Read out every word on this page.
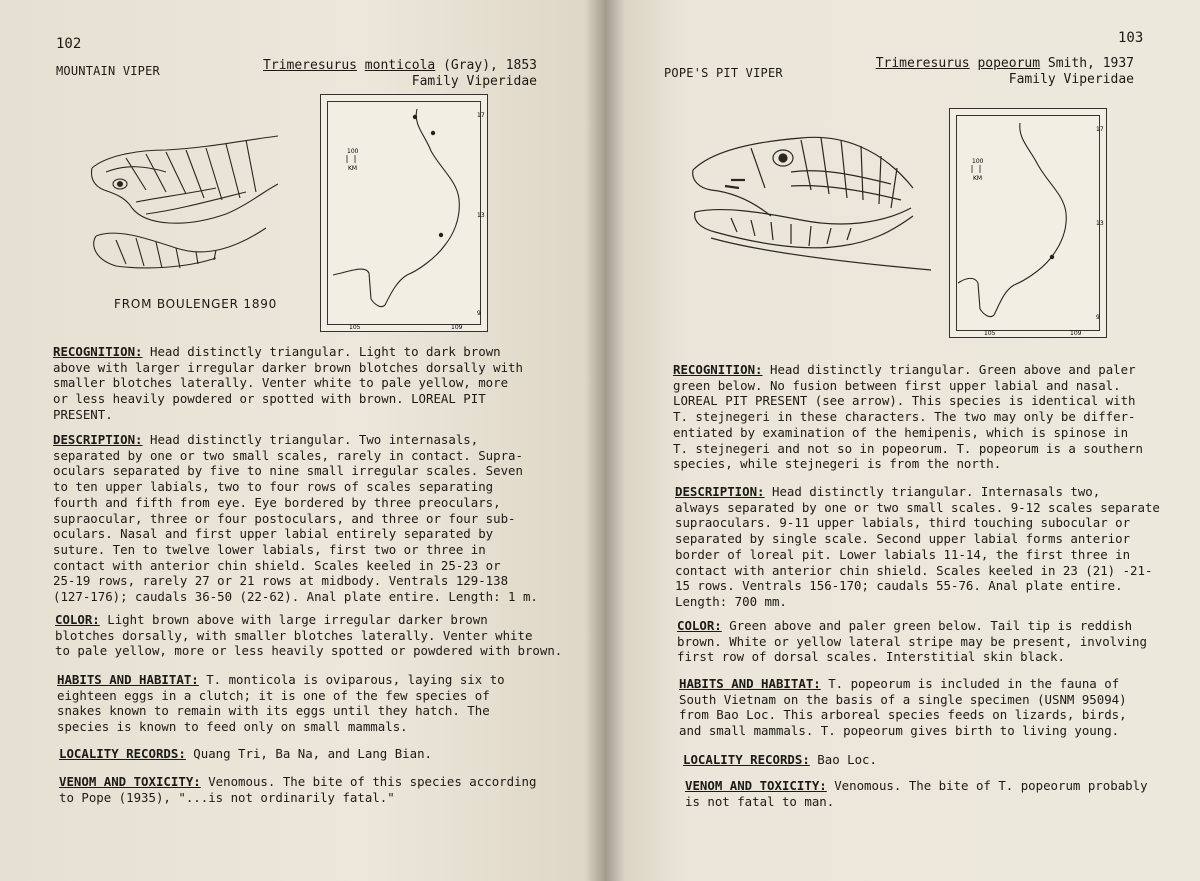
102
MOUNTAIN VIPER	Trimeresurus monticola (Gray), 1853
Family Viperidae
FROM BOULENGER 1890
100
KM
17
13
9
105	109
RECOGNITION: Head distinctly triangular. Light to dark brown
above with larger irregular darker brown blotches dorsally with
smaller blotches laterally. Venter white to pale yellow, more
or less heavily powdered or spotted with brown. LOREAL PIT
PRESENT.
DESCRIPTION: Head distinctly triangular. Two internasals,
separated by one or two small scales, rarely in contact. Supra-
oculars separated by five to nine small irregular scales. Seven
to ten upper labials, two to four rows of scales separating
fourth and fifth from eye. Eye bordered by three preoculars,
supraocular, three or four postoculars, and three or four sub-
oculars. Nasal and first upper labial entirely separated by
suture. Ten to twelve lower labials, first two or three in
contact with anterior chin shield. Scales keeled in 25-23 or
25-19 rows, rarely 27 or 21 rows at midbody. Ventrals 129-138
(127-176); caudals 36-50 (22-62). Anal plate entire. Length: 1 m.
COLOR: Light brown above with large irregular darker brown
blotches dorsally, with smaller blotches laterally. Venter white
to pale yellow, more or less heavily spotted or powdered with brown.
HABITS AND HABITAT: T. monticola is oviparous, laying six to
eighteen eggs in a clutch; it is one of the few species of
snakes known to remain with its eggs until they hatch. The
species is known to feed only on small mammals.
LOCALITY RECORDS: Quang Tri, Ba Na, and Lang Bian.
VENOM AND TOXICITY: Venomous. The bite of this species according
to Pope (1935), "...is not ordinarily fatal."
103
POPE'S PIT VIPER
Trimeresurus popeorum Smith, 1937
Family Viperidae
100
KM
17
13
9
105	109
RECOGNITION: Head distinctly triangular. Green above and paler
green below. No fusion between first upper labial and nasal.
LOREAL PIT PRESENT (see arrow). This species is identical with
T. stejnegeri in these characters. The two may only be differ-
entiated by examination of the hemipenis, which is spinose in
T. stejnegeri and not so in popeorum. T. popeorum is a southern
species, while stejnegeri is from the north.
DESCRIPTION: Head distinctly triangular. Internasals two,
always separated by one or two small scales. 9-12 scales separate
supraoculars. 9-11 upper labials, third touching subocular or
separated by single scale. Second upper labial forms anterior
border of loreal pit. Lower labials 11-14, the first three in
contact with anterior chin shield. Scales keeled in 23 (21) -21-
15 rows. Ventrals 156-170; caudals 55-76. Anal plate entire.
Length: 700 mm.
COLOR: Green above and paler green below. Tail tip is reddish
brown. White or yellow lateral stripe may be present, involving
first row of dorsal scales. Interstitial skin black.
HABITS AND HABITAT: T. popeorum is included in the fauna of
South Vietnam on the basis of a single specimen (USNM 95094)
from Bao Loc. This arboreal species feeds on lizards, birds,
and small mammals. T. popeorum gives birth to living young.
LOCALITY RECORDS: Bao Loc.
VENOM AND TOXICITY: Venomous. The bite of T. popeorum probably
is not fatal to man.
